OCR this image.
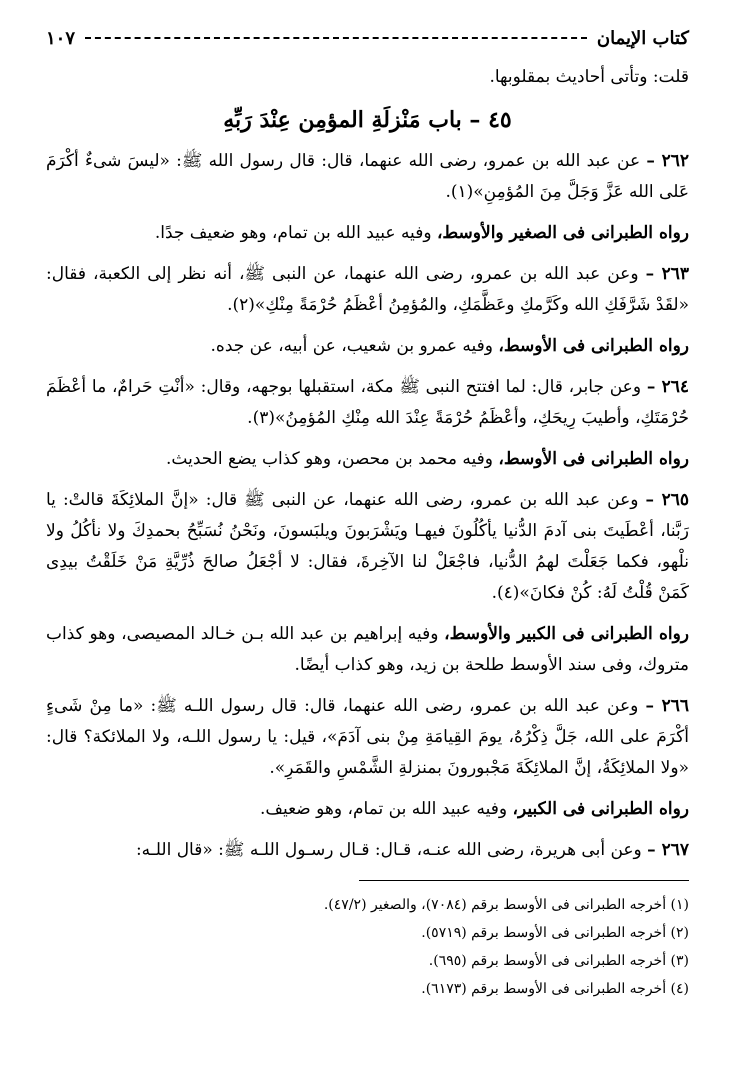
كتاب الإيمان
١٠٧
قلت: وتأتى أحاديث بمقلوبها.
٤٥ – باب مَنْزلَةِ المؤمِن عِنْدَ رَبِّهِ
٢٦٢ – عن عبد الله بن عمرو، رضى الله عنهما، قال: قال رسول الله ﷺ: «ليسَ شىءٌ أكْرَمَ عَلى الله عَزَّ وَجَلَّ مِنَ المُؤمِنِ»(١).
رواه الطبرانى فى الصغير والأوسط، وفيه عبيد الله بن تمام، وهو ضعيف جدًا.
٢٦٣ – وعن عبد الله بن عمرو، رضى الله عنهما، عن النبى ﷺ، أنه نظر إلى الكعبة، فقال: «لقَدْ شَرَّفَكِ الله وكَرَّمكِ وعَظَّمَكِ، والمُؤمِنُ أعْظَمُ حُرْمَةً مِنْكِ»(٢).
رواه الطبرانى فى الأوسط، وفيه عمرو بن شعيب، عن أبيه، عن جده.
٢٦٤ – وعن جابر، قال: لما افتتح النبى ﷺ مكة، استقبلها بوجهه، وقال: «أنْتِ حَرامٌ، ما أعْظَمَ حُرْمَتَكِ، وأطيبَ رِيحَكِ، وأعْظَمُ حُرْمَةً عِنْدَ الله مِنْكِ المُؤمِنُ»(٣).
رواه الطبرانى فى الأوسط، وفيه محمد بن محصن، وهو كذاب يضع الحديث.
٢٦٥ – وعن عبد الله بن عمرو، رضى الله عنهما، عن النبى ﷺ قال: «إنَّ الملائِكَةَ قالتْ: يا رَبَّنا، أعْطَيتَ بنى آدمَ الدُّنيا يأكُلُونَ فيهـا ويَشْرَبونَ ويلبَسونَ، ونَحْنُ نُسَبِّحُ بحمدِكَ ولا نأكُلُ ولا نلْهو، فكما جَعَلْتَ لهمُ الدُّنيا، فاجْعَلْ لنا الآخِرةَ، فقال: لا أجْعَلُ صالحَ ذُرِّيَّةِ مَنْ خَلَقْتُ بيدِى كَمَنْ قُلْتُ لَهُ: كُنْ فكانَ»(٤).
رواه الطبرانى فى الكبير والأوسط، وفيه إبراهيم بن عبد الله بـن خـالد المصيصى، وهو كذاب متروك، وفى سند الأوسط طلحة بن زيد، وهو كذاب أيضًا.
٢٦٦ – وعن عبد الله بن عمرو، رضى الله عنهما، قال: قال رسول اللـه ﷺ: «ما مِنْ شَىءٍ أكْرَمَ على الله، جَلَّ ذِكْرُهُ، يومَ القِيامَةِ مِنْ بنى آدَمَ»، قيل: يا رسول اللـه، ولا الملائكة؟ قال: «ولا الملائِكَةُ، إنَّ الملائِكَةَ مَجْبورونَ بمنزلةِ الشَّمْسِ والقَمَرِ».
رواه الطبرانى فى الكبير، وفيه عبيد الله بن تمام، وهو ضعيف.
٢٦٧ – وعن أبى هريرة، رضى الله عنـه، قـال: قـال رسـول اللـه ﷺ: «قال اللـه:
(١) أخرجه الطبرانى فى الأوسط برقم (٧٠٨٤)، والصغير (٤٧/٢).
(٢) أخرجه الطبرانى فى الأوسط برقم (٥٧١٩).
(٣) أخرجه الطبرانى فى الأوسط برقم (٦٩٥).
(٤) أخرجه الطبرانى فى الأوسط برقم (٦١٧٣).
